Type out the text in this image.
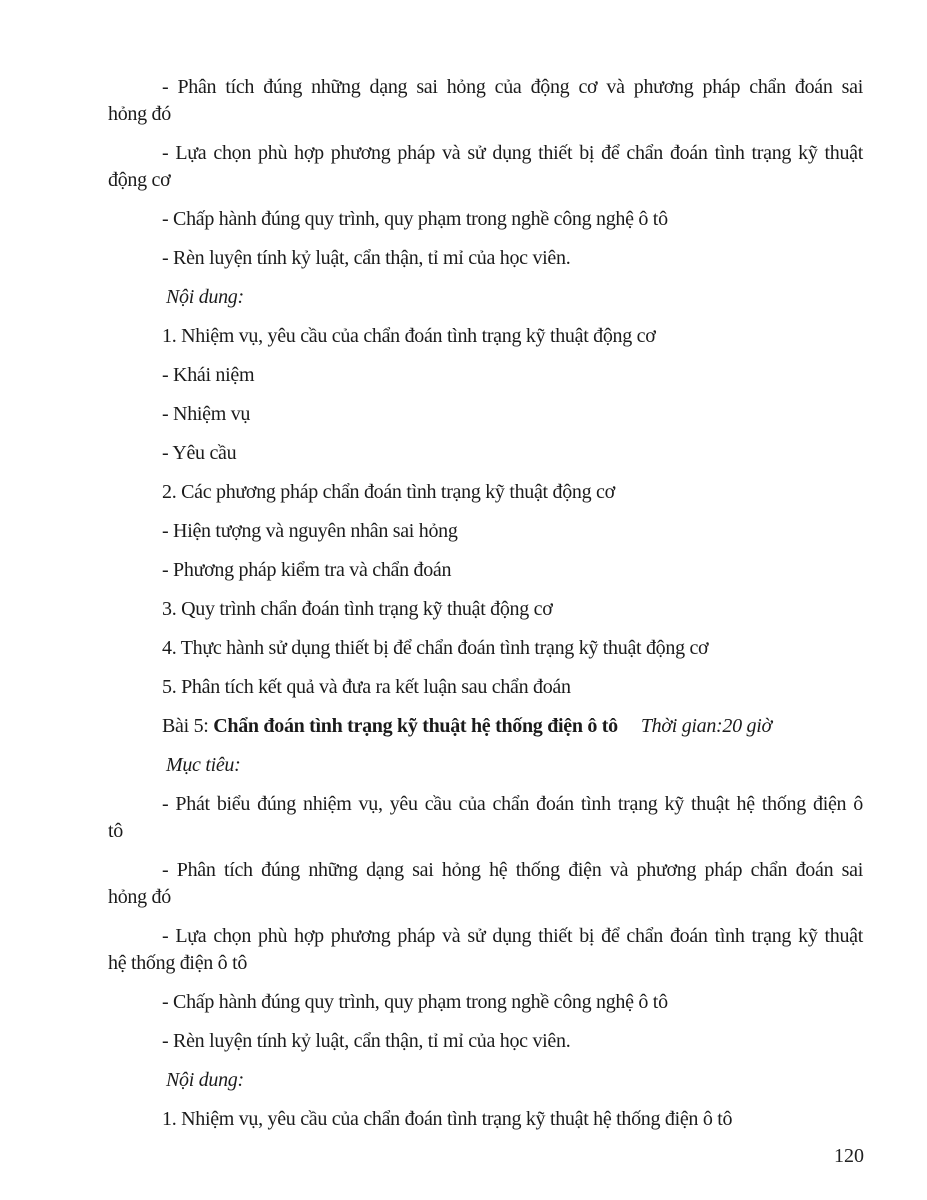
- Phân tích đúng những dạng sai hỏng của động cơ và phương pháp chẩn đoán sai
hỏng đó
- Lựa chọn phù hợp phương pháp và sử dụng thiết bị để chẩn đoán tình trạng kỹ thuật
động cơ
- Chấp hành đúng quy trình, quy phạm trong nghề công nghệ ô tô
- Rèn luyện tính kỷ luật, cẩn thận, tỉ mỉ của học viên.
Nội dung:
1. Nhiệm vụ, yêu cầu của chẩn đoán tình trạng kỹ thuật động cơ
- Khái niệm
- Nhiệm vụ
- Yêu cầu
2. Các phương pháp chẩn đoán tình trạng kỹ thuật động cơ
- Hiện tượng và nguyên nhân sai hỏng
- Phương pháp kiểm tra và chẩn đoán
3. Quy trình chẩn đoán tình trạng kỹ thuật động cơ
4. Thực hành sử dụng thiết bị để chẩn đoán tình trạng kỹ thuật động cơ
5. Phân tích kết quả và đưa ra kết luận sau chẩn đoán
Bài 5: Chẩn đoán tình trạng kỹ thuật hệ thống điện ô tô Thời gian:20 giờ
Mục tiêu:
- Phát biểu đúng nhiệm vụ, yêu cầu của chẩn đoán tình trạng kỹ thuật hệ thống điện ô
tô
- Phân tích đúng những dạng sai hỏng hệ thống điện và phương pháp chẩn đoán sai
hỏng đó
- Lựa chọn phù hợp phương pháp và sử dụng thiết bị để chẩn đoán tình trạng kỹ thuật
hệ thống điện ô tô
- Chấp hành đúng quy trình, quy phạm trong nghề công nghệ ô tô
- Rèn luyện tính kỷ luật, cẩn thận, tỉ mỉ của học viên.
Nội dung:
1. Nhiệm vụ, yêu cầu của chẩn đoán tình trạng kỹ thuật hệ thống điện ô tô
120
